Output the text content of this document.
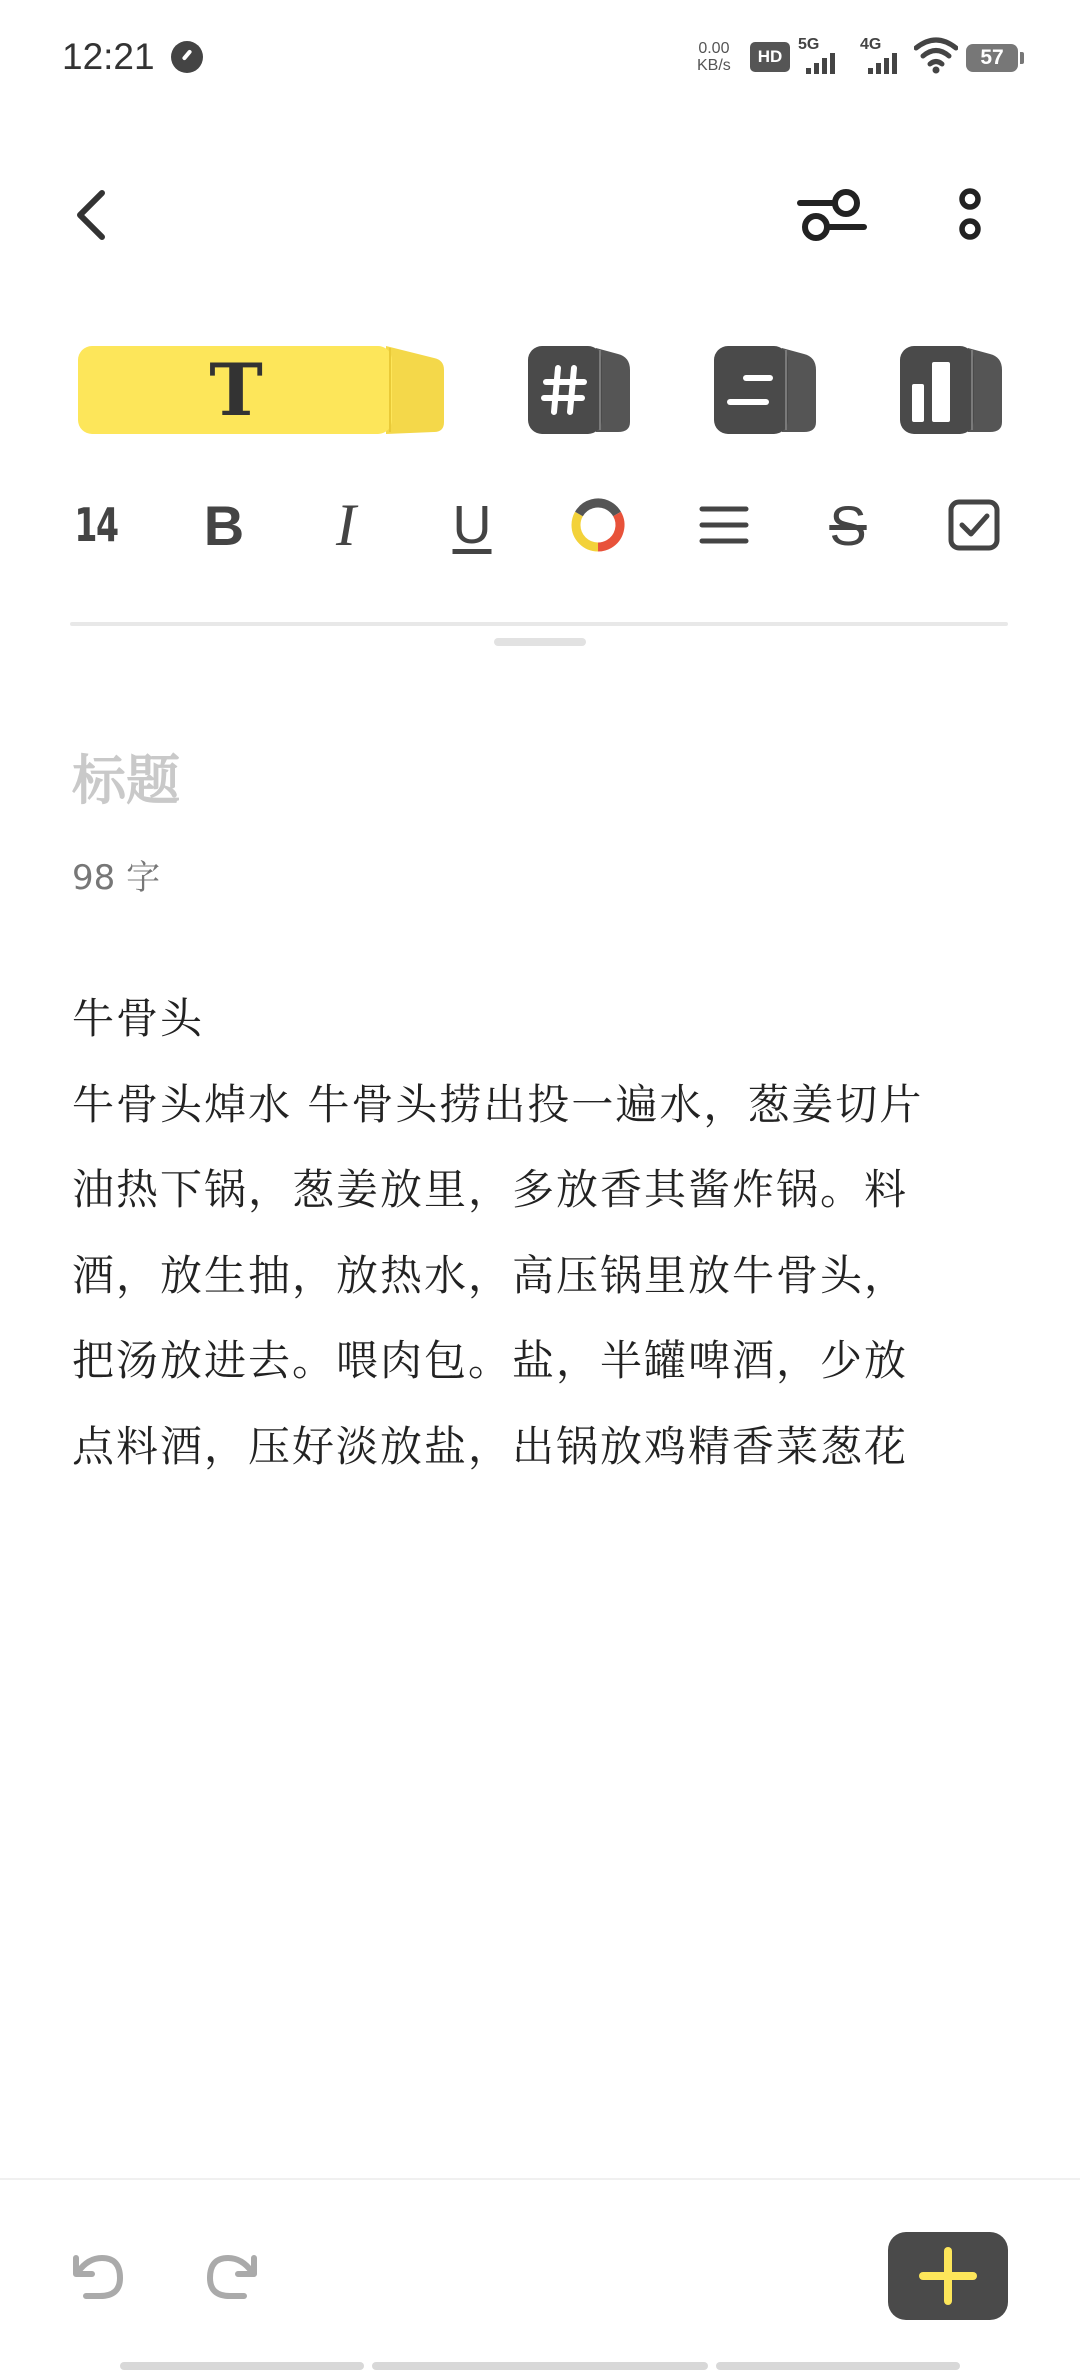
12:21	0.00
KB/s	HD
5G	4G
57
T
14 B I U	S
标题
98 字
牛骨头
牛骨头焯水 牛骨头捞出投一遍水，葱姜切片
油热下锅，葱姜放里，多放香其酱炸锅。料
酒，放生抽，放热水，高压锅里放牛骨头，
把汤放进去。喂肉包。盐，半罐啤酒，少放
点料酒，压好淡放盐，出锅放鸡精香菜葱花
